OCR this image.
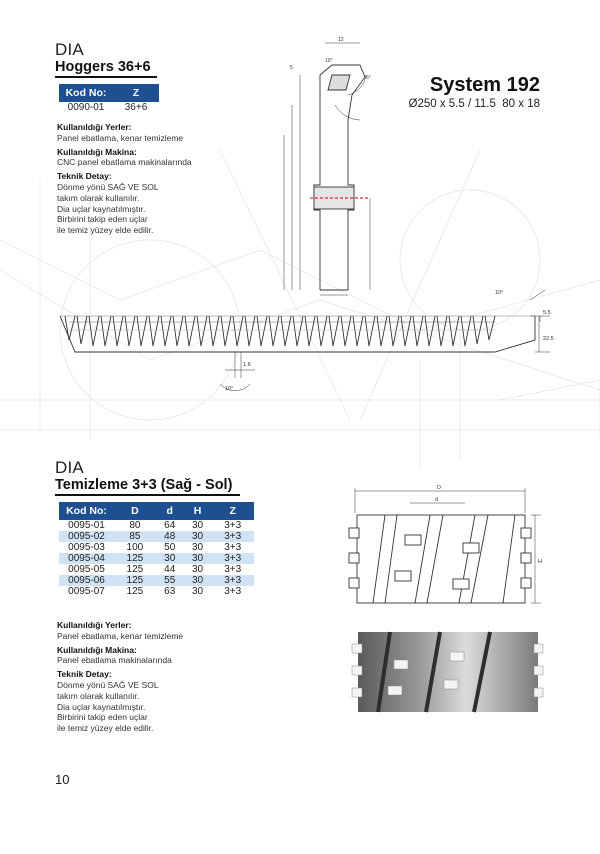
DIA
Hoggers 36+6
Kod No:	Z
0090-01	36+6
Kullanıldığı Yerler:
Panel ebatlama, kenar temizleme
Kullanıldığı Makina:
CNC panel ebatlama makinalarında
Teknik Detay:
Dönme yönü SAĞ VE SOL
takım olarak kullanılır.
Dia uçlar kaynatılmıştır.
Birbirini takip eden uçlar
ile temiz yüzey elde edilir.
System 192
Ø250 x 5.5 / 11.5  80 x 18
12
10°
6°
5
1.6
10°
10°
5.5
22.5
DIA
Temizleme 3+3 (Sağ - Sol)
Kod No:	D	d	H	Z
0095-01	80	64	30	3+3
0095-02	85	48	30	3+3
0095-03	100	50	30	3+3
0095-04	125	30	30	3+3
0095-05	125	44	30	3+3
0095-06	125	55	30	3+3
0095-07	125	63	30	3+3
Kullanıldığı Yerler:
Panel ebatlama, kenar temizleme
Kullanıldığı Makina:
Panel ebatlama makinalarında
Teknik Detay:
Dönme yönü SAĞ VE SOL
takım olarak kullanılır.
Dia uçlar kaynatılmıştır.
Birbirini takip eden uçlar
ile temiz yüzey elde edilir.
D
d
H
10
